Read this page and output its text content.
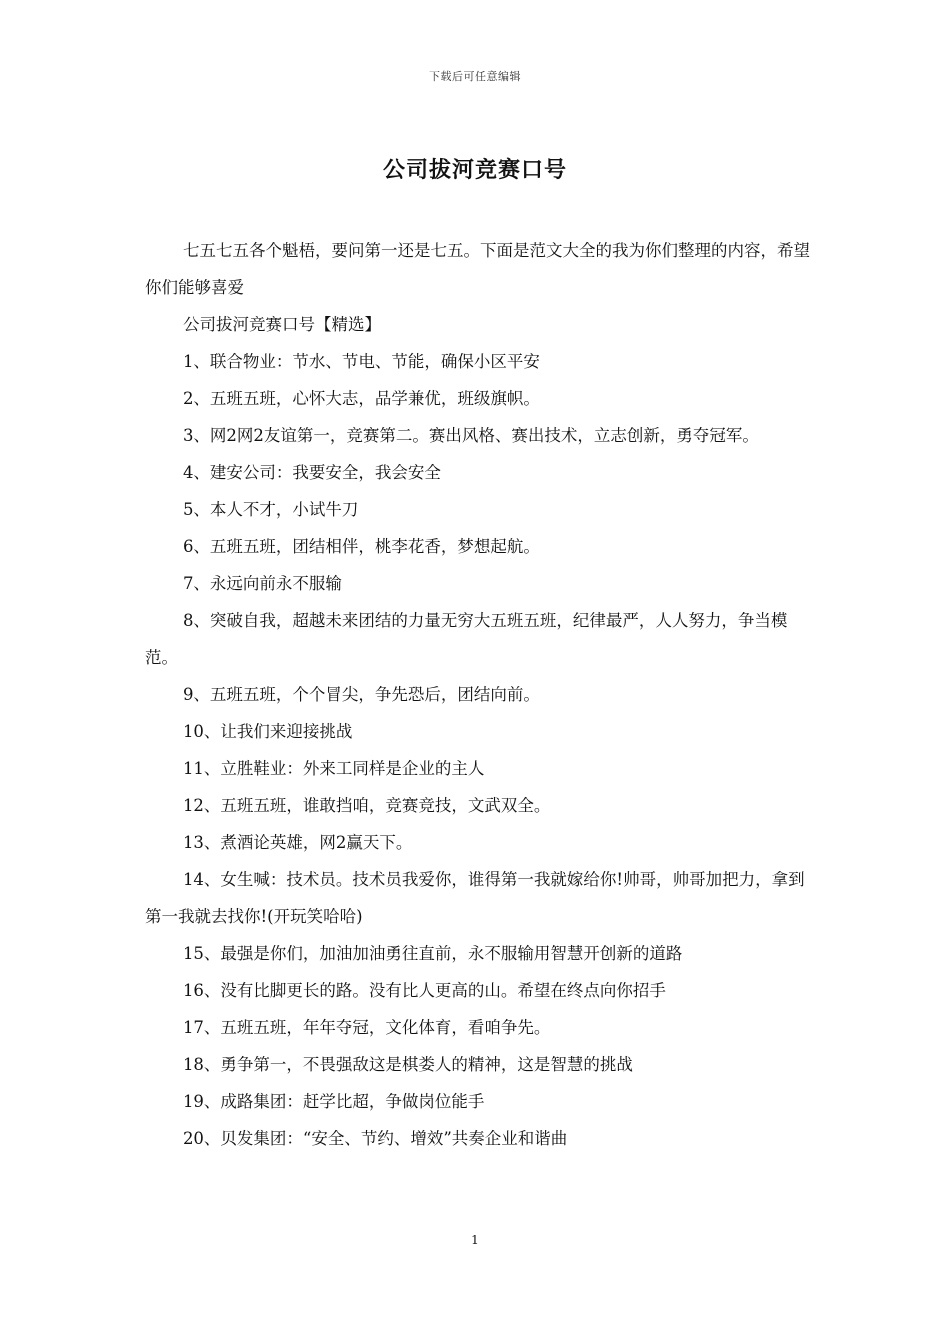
下载后可任意编辑
公司拔河竞赛口号

七五七五各个魁梧，要问第一还是七五。下面是范文大全的我为你们整理的内容，希望你们能够喜爱

公司拔河竞赛口号【精选】

1、联合物业：节水、节电、节能，确保小区平安

2、五班五班，心怀大志，品学兼优，班级旗帜。

3、网2网2友谊第一，竞赛第二。赛出风格、赛出技术，立志创新，勇夺冠军。

4、建安公司：我要安全，我会安全

5、本人不才，小试牛刀

6、五班五班，团结相伴，桃李花香，梦想起航。

7、永远向前永不服输

8、突破自我，超越未来团结的力量无穷大五班五班，纪律最严，人人努力，争当模范。

9、五班五班，个个冒尖，争先恐后，团结向前。

10、让我们来迎接挑战

11、立胜鞋业：外来工同样是企业的主人

12、五班五班，谁敢挡咱，竞赛竞技，文武双全。

13、煮酒论英雄，网2赢天下。

14、女生喊：技术员。技术员我爱你，谁得第一我就嫁给你!帅哥，帅哥加把力，拿到第一我就去找你!(开玩笑哈哈)

15、最强是你们，加油加油勇往直前，永不服输用智慧开创新的道路

16、没有比脚更长的路。没有比人更高的山。希望在终点向你招手

17、五班五班，年年夺冠，文化体育，看咱争先。

18、勇争第一，不畏强敌这是棋娄人的精神，这是智慧的挑战

19、成路集团：赶学比超，争做岗位能手

20、贝发集团：“安全、节约、增效”共奏企业和谐曲

1
